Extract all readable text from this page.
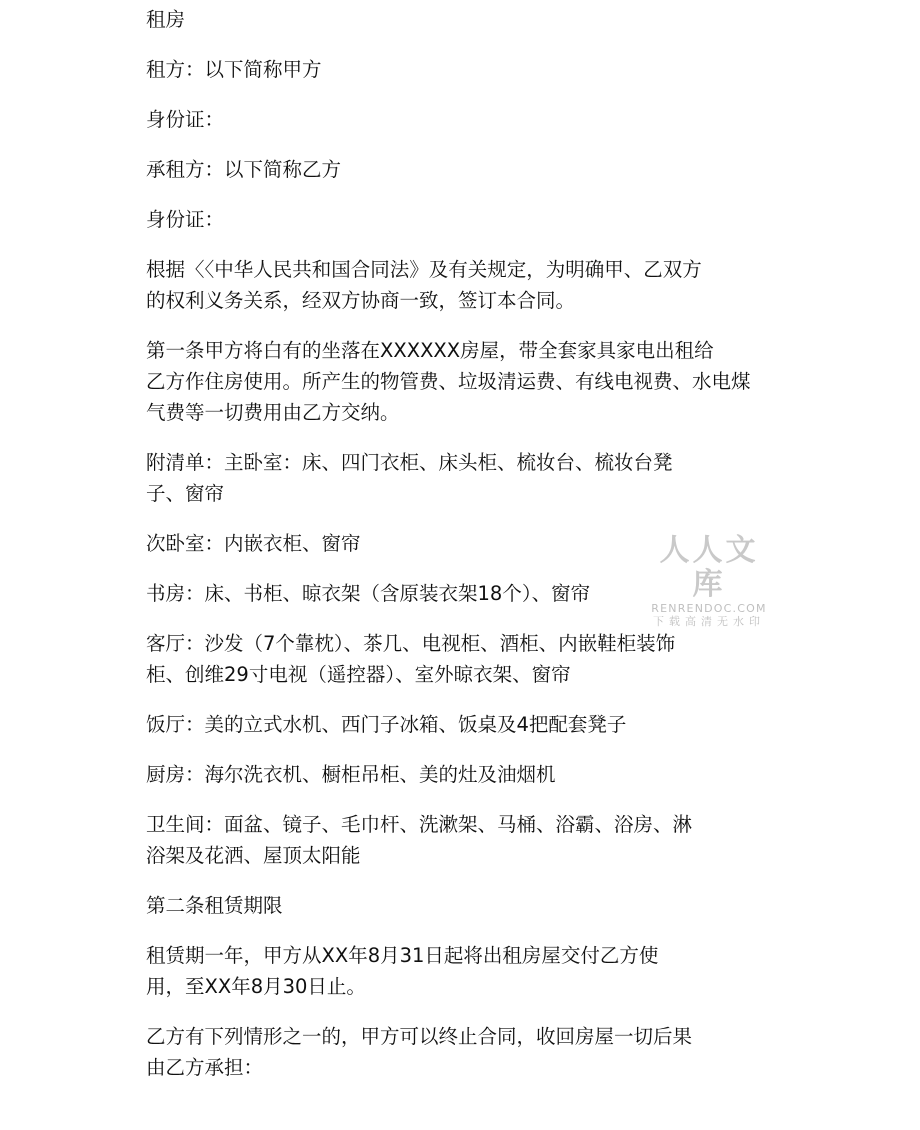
租房

租方：以下简称甲方

身份证：

承租方：以下简称乙方

身份证：

根据〈〈中华人民共和国合同法》及有关规定，为明确甲、乙双方
的权利义务关系，经双方协商一致，签订本合同。

第一条甲方将白有的坐落在XXXXXX房屋，带全套家具家电出租给
乙方作住房使用。所产生的物管费、垃圾清运费、有线电视费、水电煤
气费等一切费用由乙方交纳。

附清单：主卧室：床、四门衣柜、床头柜、梳妆台、梳妆台凳
子、窗帘

次卧室：内嵌衣柜、窗帘

书房：床、书柜、晾衣架（含原装衣架18个）、窗帘

客厅：沙发（7个靠枕）、茶几、电视柜、酒柜、内嵌鞋柜装饰
柜、创维29寸电视（遥控器）、室外晾衣架、窗帘

饭厅：美的立式水机、西门子冰箱、饭桌及4把配套凳子

厨房：海尔洗衣机、橱柜吊柜、美的灶及油烟机

卫生间：面盆、镜子、毛巾杆、洗漱架、马桶、浴霸、浴房、淋
浴架及花洒、屋顶太阳能

第二条租赁期限

租赁期一年，甲方从XX年8月31日起将出租房屋交付乙方使
用，至XX年8月30日止。

乙方有下列情形之一的，甲方可以终止合同，收回房屋一切后果
由乙方承担：

人人文库
RENRENDOC.COM
下载高清无水印
